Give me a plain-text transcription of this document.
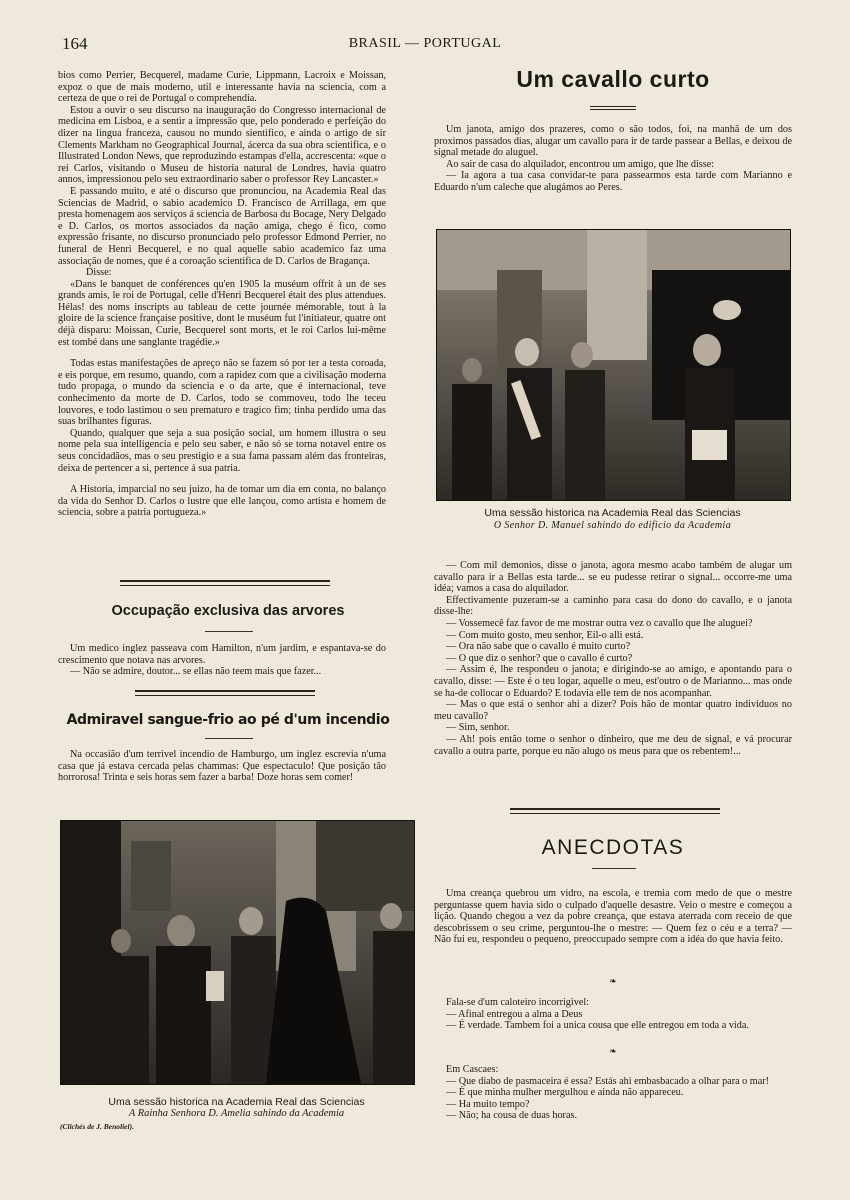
164	BRASIL — PORTUGAL

bios como Perrier, Becquerel, madame Curie, Lippmann, Lacroix e Moissan, expoz o que de mais moderno, util e interessante havia na sciencia, com a certeza de que o rei de Portugal o comprehendia.

Estou a ouvir o seu discurso na inauguração do Congresso internacional de medicina em Lisboa, e a sentir a impressão que, pelo ponderado e perfeição do dizer na lingua franceza, causou no mundo sientifico, e ainda o artigo de sir Clements Markham no Geographical Journal, ácerca da sua obra scientifica, e o Illustrated London News, que reproduzindo estampas d'ella, accrescenta: «que o rei Carlos, visitando o Museu de historia natural de Londres, havia quatro annos, impressionou pelo seu extraordinario saber o professor Rey Lancaster.»

E passando muito, e até o discurso que pronunciou, na Academia Real das Sciencias de Madrid, o sabio academico D. Francisco de Arrillaga, em que presta homenagem aos serviços á sciencia de Barbosa du Bocage, Nery Delgado e D. Carlos, os mortos associados da nação amiga, chego é fico, como expressão frisante, no discurso pronunciado pelo professor Edmond Perrier, no funeral de Henri Becquerel, e no qual aquelle sabio academico faz uma associação de nomes, que é a coroação scientifica de D. Carlos de Bragança.

Disse:

«Dans le banquet de conférences qu'en 1905 la muséum offrit à un de ses grands amis, le roi de Portugal, celle d'Henri Becquerel était des plus attendues. Hélas! des noms inscripts au tableau de cette journée mémorable, tout à la gloire de la science française positive, dont le muséum fut l'initiateur, quatre ont déjà disparu: Moissan, Curie, Becquerel sont morts, et le roi Carlos lui-même est tombé dans une sanglante tragédie.»

Todas estas manifestações de apreço não se fazem só por ter a testa coroada, e eis porque, em resumo, quando, com a rapidez com que a civilisação moderna tudo propaga, o mundo da sciencia e o da arte, que é internacional, teve conhecimento da morte de D. Carlos, todo se commoveu, todo lhe teceu louvores, e todo lastimou o seu prematuro e tragico fim; tinha perdido uma das suas brilhantes figuras.

Quando, qualquer que seja a sua posição social, um homem illustra o seu nome pela sua intelligencia e pelo seu saber, e não só se torna notavel entre os seus concidadãos, mas o seu prestigio e a sua fama passam além das fronteiras, deixa de pertencer a si, pertence á sua patria.

A Historia, imparcial no seu juizo, ha de tomar um dia em conta, no balanço da vida do Senhor D. Carlos o lustre que elle lançou, como artista e homem de sciencia, sobre a patria portugueza.»

Occupação exclusiva das arvores

Um medico inglez passeava com Hamilton, n'um jardim, e espantava-se do crescimento que notava nas arvores.

— Não se admire, doutor... se ellas não teem mais que fazer...

Admiravel sangue-frio ao pé d'um incendio

Na occasião d'um terrivel incendio de Hamburgo, um inglez escrevia n'uma casa que já estava cercada pelas chammas: Que espectaculo! Que posição tão horrorosa! Trinta e seis horas sem fazer a barba! Doze horas sem comer!

Uma sessão historica na Academia Real das Sciencias
A Rainha Senhora D. Amelia sahindo da Academia
(Clichés de J. Benoliel).
Um cavallo curto

Um janota, amigo dos prazeres, como o são todos, foi, na manhã de um dos proximos passados dias, alugar um cavallo para ir de tarde passear a Bellas, e deixou de signal metade do aluguel.

Ao sair de casa do alquilador, encontrou um amigo, que lhe disse:

— Ia agora a tua casa convidar-te para passearmos esta tarde com Marianno e Eduardo n'um caleche que alugámos ao Peres.

Uma sessão historica na Academia Real das Sciencias
O Senhor D. Manuel sahindo do edificio da Academia

— Com mil demonios, disse o janota, agora mesmo acabo também de alugar um cavallo para ir a Bellas esta tarde... se eu pudesse retirar o signal... occorre-me uma idéa; vamos a casa do alquilador.

Effectivamente puzeram-se a caminho para casa do dono do cavallo, e o janota disse-lhe:

— Vossemecê faz favor de me mostrar outra vez o cavallo que lhe aluguei?

— Com muito gosto, meu senhor, Eil-o alli está.

— Ora não sabe que o cavallo é muito curto?

— O que diz o senhor? que o cavallo é curto?

— Assim é, lhe respondeu o janota; e dirigindo-se ao amigo, e apontando para o cavallo, disse: — Este é o teu logar, aquelle o meu, est'outro o de Marianno... mas onde se ha-de collocar o Eduardo? E todavia elle tem de nos acompanhar.

— Mas o que está o senhor ahi a dizer? Pois hão de montar quatro individuos no meu cavallo?

— Sim, senhor.

— Ah! pois então tome o senhor o dinheiro, que me deu de signal, e vá procurar cavallo a outra parte, porque eu não alugo os meus para que os rebentem!...

ANECDOTAS

Uma creança quebrou um vidro, na escola, e tremia com medo de que o mestre perguntasse quem havia sido o culpado d'aquelle desastre. Veio o mestre e começou a lição. Quando chegou a vez da pobre creança, que estava aterrada com receio de que descobrissem o seu crime, perguntou-lhe o mestre: — Quem fez o céu e a terra? — Não fui eu, respondeu o pequeno, preoccupado sempre com a idéa do que havia feito.

❧

Fala-se d'um caloteiro incorrigivel:

— Afinal entregou a alma a Deus

— É verdade. Tambem foi a unica cousa que elle entregou em toda a vida.

❧

Em Cascaes:

— Que diabo de pasmaceira é essa? Estás ahi embasbacado a olhar para o mar!

— É que minha mulher mergulhou e ainda não appareceu.

— Ha muito tempo?

— Não; ha cousa de duas horas.
